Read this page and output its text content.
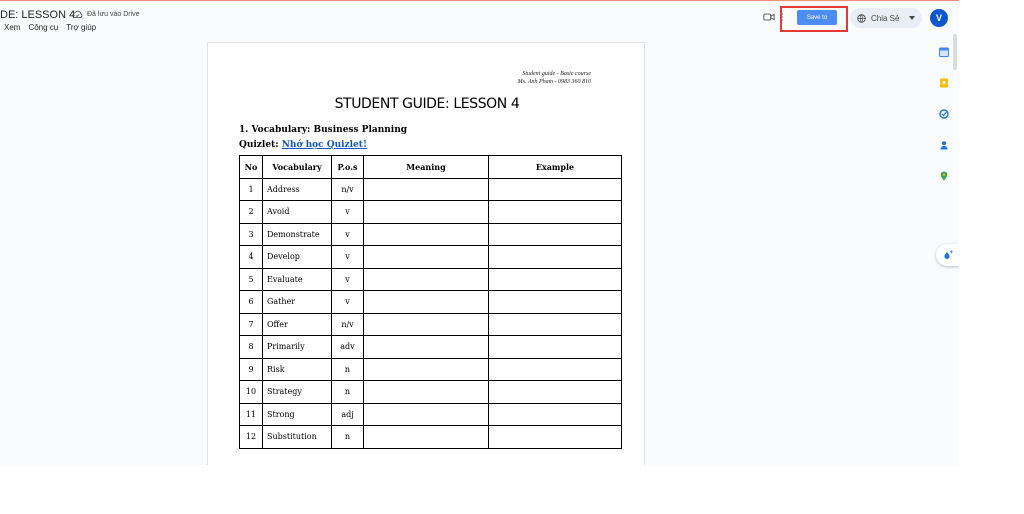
DE: LESSON 4 Đã lưu vào Drive
Xem Công cụ Trợ giúp
Save to	Chia Sẻ	V
Student guide - Basic course
Ms. Anh Pham - 0983 360 810
STUDENT GUIDE: LESSON 4
1. Vocabulary: Business Planning
Quizlet: Nhớ học Quizlet!
No	Vocabulary	P.o.s	Meaning	Example
1	Address	n/v		
2	Avoid	v		
3	Demonstrate	v		
4	Develop	v		
5	Evaluate	v		
6	Gather	v		
7	Offer	n/v		
8	Primarily	adv		
9	Risk	n		
10	Strategy	n		
11	Strong	adj		
12	Substitution	n		
